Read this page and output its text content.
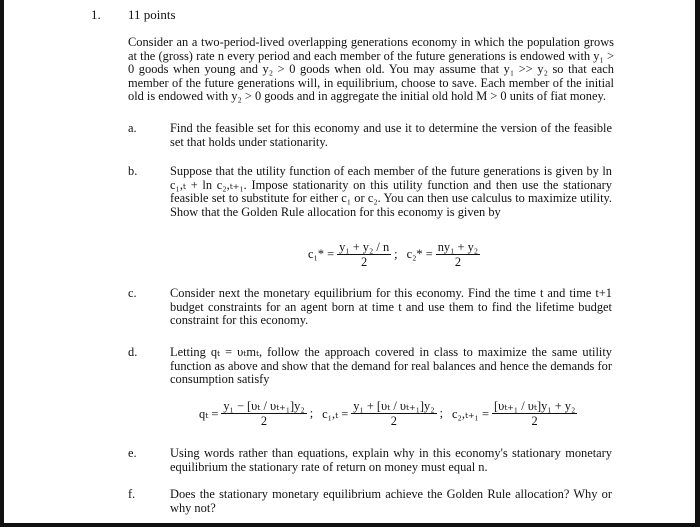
1. 11 points

Consider an a two-period-lived overlapping generations economy in which the population grows at the (gross) rate n every period and each member of the future generations is endowed with y₁ > 0 goods when young and y₂ > 0 goods when old. You may assume that y₁ >> y₂ so that each member of the future generations will, in equilibrium, choose to save. Each member of the initial old is endowed with y₂ > 0 goods and in aggregate the initial old hold M > 0 units of fiat money.

a.	Find the feasible set for this economy and use it to determine the version of the feasible set that holds under stationarity.
b.	Suppose that the utility function of each member of the future generations is given by ln c₁,ₜ + ln c₂,ₜ₊₁. Impose stationarity on this utility function and then use the stationary feasible set to substitute for either c₁ or c₂. You can then use calculus to maximize utility. Show that the Golden Rule allocation for this economy is given by
$c_1* = \frac{\text{y₁ + y₂ / n}}{2}$ ; $c_2* = \frac{\text{ny₁ + y₂}}{2}$
c.	Consider next the monetary equilibrium for this economy. Find the time t and time t+1 budget constraints for an agent born at time t and use them to find the lifetime budget constraint for this economy.
d.	Letting qₜ = υₜmₜ, follow the approach covered in class to maximize the same utility function as above and show that the demand for real balances and hence the demands for consumption satisfy
$q_t = \frac{\text{y₁ − [υₜ / υₜ₊₁]y₂}}{2}$ ; $c_1,_t = \frac{\text{y₁ + [υₜ / υₜ₊₁]y₂}}{2}$ ; $c_2,_{t+1} = \frac{\text{[υₜ₊₁ / υₜ]y₁ + y₂}}{2}$
e.	Using words rather than equations, explain why in this economy's stationary monetary equilibrium the stationary rate of return on money must equal n.
f.	Does the stationary monetary equilibrium achieve the Golden Rule allocation? Why or why not?
